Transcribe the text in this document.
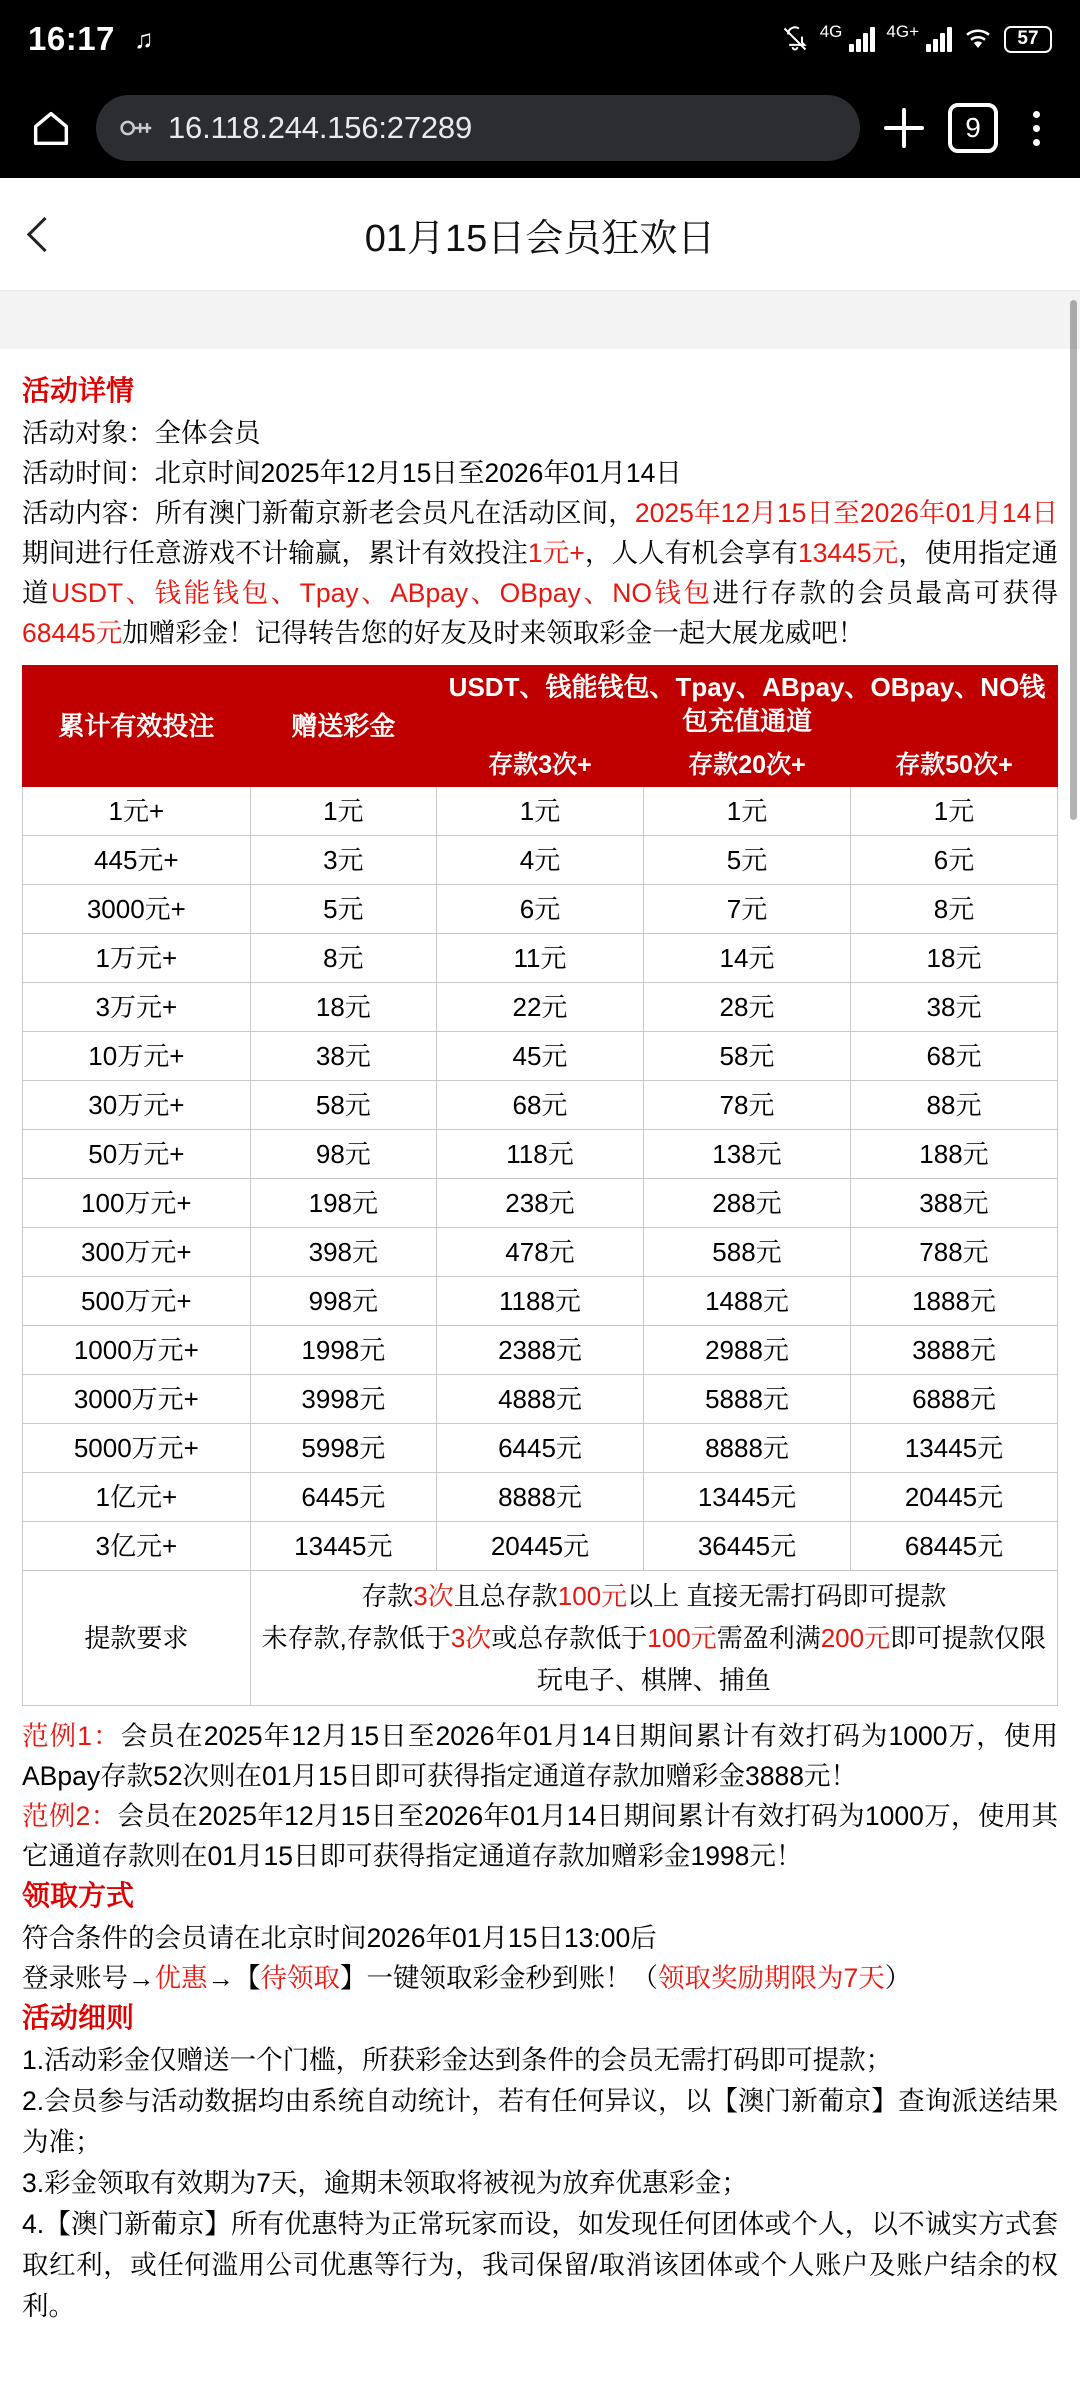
16:17 ♫	4G	4G+	57
16.118.244.156:27289	9
01月15日会员狂欢日
活动详情
活动对象：全体会员
活动时间：北京时间2025年12月15日至2026年01月14日
活动内容：所有澳门新葡京新老会员凡在活动区间，2025年12月15日至2026年01月14日期间进行任意游戏不计输赢，累计有效投注1元+，人人有机会享有13445元，使用指定通道USDT、钱能钱包、Tpay、ABpay、OBpay、NO钱包进行存款的会员最高可获得68445元加赠彩金！记得转告您的好友及时来领取彩金一起大展龙威吧！
累计有效投注	赠送彩金	USDT、钱能钱包、Tpay、ABpay、OBpay、NO钱包充值通道		
		存款3次+	存款20次+	存款50次+
1元+	1元	1元	1元	1元
445元+	3元	4元	5元	6元
3000元+	5元	6元	7元	8元
1万元+	8元	11元	14元	18元
3万元+	18元	22元	28元	38元
10万元+	38元	45元	58元	68元
30万元+	58元	68元	78元	88元
50万元+	98元	118元	138元	188元
100万元+	198元	238元	288元	388元
300万元+	398元	478元	588元	788元
500万元+	998元	1188元	1488元	1888元
1000万元+	1998元	2388元	2988元	3888元
3000万元+	3998元	4888元	5888元	6888元
5000万元+	5998元	6445元	8888元	13445元
1亿元+	6445元	8888元	13445元	20445元
3亿元+	13445元	20445元	36445元	68445元
提款要求	存款3次且总存款100元以上 直接无需打码即可提款
未存款,存款低于3次或总存款低于100元需盈利满200元即可提款仅限玩电子、棋牌、捕鱼			
范例1：会员在2025年12月15日至2026年01月14日期间累计有效打码为1000万，使用ABpay存款52次则在01月15日即可获得指定通道存款加赠彩金3888元！
范例2：会员在2025年12月15日至2026年01月14日期间累计有效打码为1000万，使用其它通道存款则在01月15日即可获得指定通道存款加赠彩金1998元！
领取方式
符合条件的会员请在北京时间2026年01月15日13:00后
登录账号→优惠→【待领取】一键领取彩金秒到账！（领取奖励期限为7天）
活动细则
1.活动彩金仅赠送一个门槛，所获彩金达到条件的会员无需打码即可提款；
2.会员参与活动数据均由系统自动统计，若有任何异议，以【澳门新葡京】查询派送结果为准；
3.彩金领取有效期为7天，逾期未领取将被视为放弃优惠彩金；
4.【澳门新葡京】所有优惠特为正常玩家而设，如发现任何团体或个人，以不诚实方式套取红利，或任何滥用公司优惠等行为，我司保留/取消该团体或个人账户及账户结余的权利。
